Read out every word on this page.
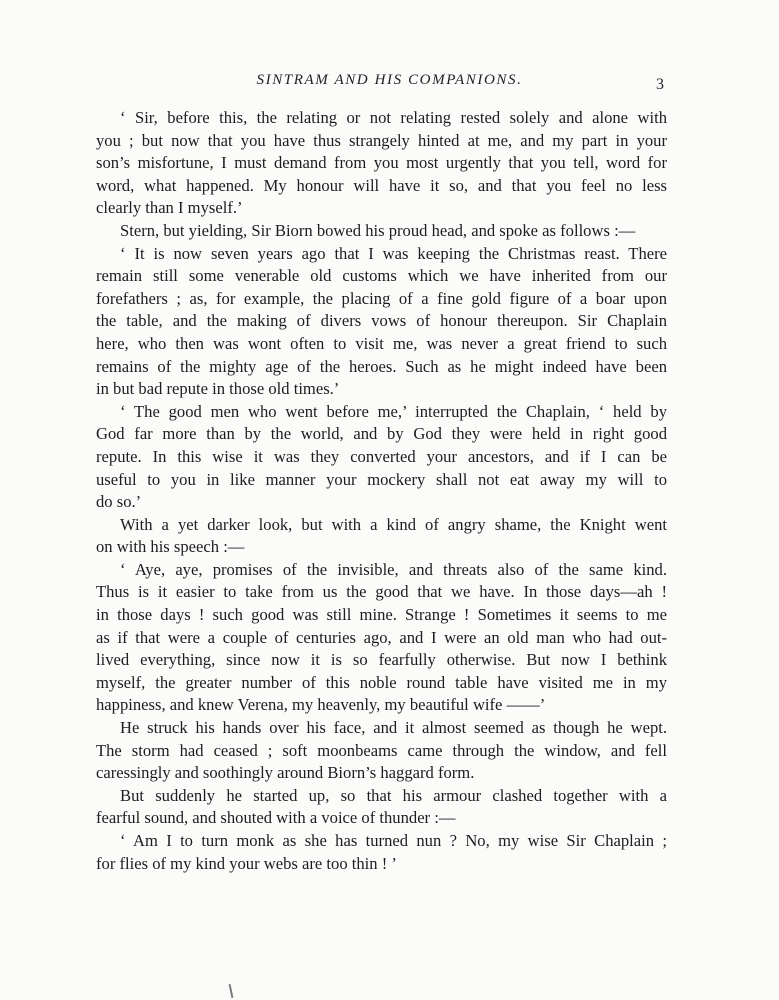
SINTRAM AND HIS COMPANIONS.	3
‘ Sir, before this, the relating or not relating rested solely and alone with
you ; but now that you have thus strangely hinted at me, and my part in your
son’s misfortune, I must demand from you most urgently that you tell, word for
word, what happened. My honour will have it so, and that you feel no less
clearly than I myself.’
Stern, but yielding, Sir Biorn bowed his proud head, and spoke as follows :—
‘ It is now seven years ago that I was keeping the Christmas reast. There
remain still some venerable old customs which we have inherited from our
forefathers ; as, for example, the placing of a fine gold figure of a boar upon
the table, and the making of divers vows of honour thereupon. Sir Chaplain
here, who then was wont often to visit me, was never a great friend to such
remains of the mighty age of the heroes. Such as he might indeed have been
in but bad repute in those old times.’
‘ The good men who went before me,’ interrupted the Chaplain, ‘ held by
God far more than by the world, and by God they were held in right good
repute. In this wise it was they converted your ancestors, and if I can be
useful to you in like manner your mockery shall not eat away my will to
do so.’
With a yet darker look, but with a kind of angry shame, the Knight went
on with his speech :—
‘ Aye, aye, promises of the invisible, and threats also of the same kind.
Thus is it easier to take from us the good that we have. In those days—ah !
in those days ! such good was still mine. Strange ! Sometimes it seems to me
as if that were a couple of centuries ago, and I were an old man who had out-
lived everything, since now it is so fearfully otherwise. But now I bethink
myself, the greater number of this noble round table have visited me in my
happiness, and knew Verena, my heavenly, my beautiful wife ——’
He struck his hands over his face, and it almost seemed as though he wept.
The storm had ceased ; soft moonbeams came through the window, and fell
caressingly and soothingly around Biorn’s haggard form.
But suddenly he started up, so that his armour clashed together with a
fearful sound, and shouted with a voice of thunder :—
‘ Am I to turn monk as she has turned nun ? No, my wise Sir Chaplain ;
for flies of my kind your webs are too thin ! ’
